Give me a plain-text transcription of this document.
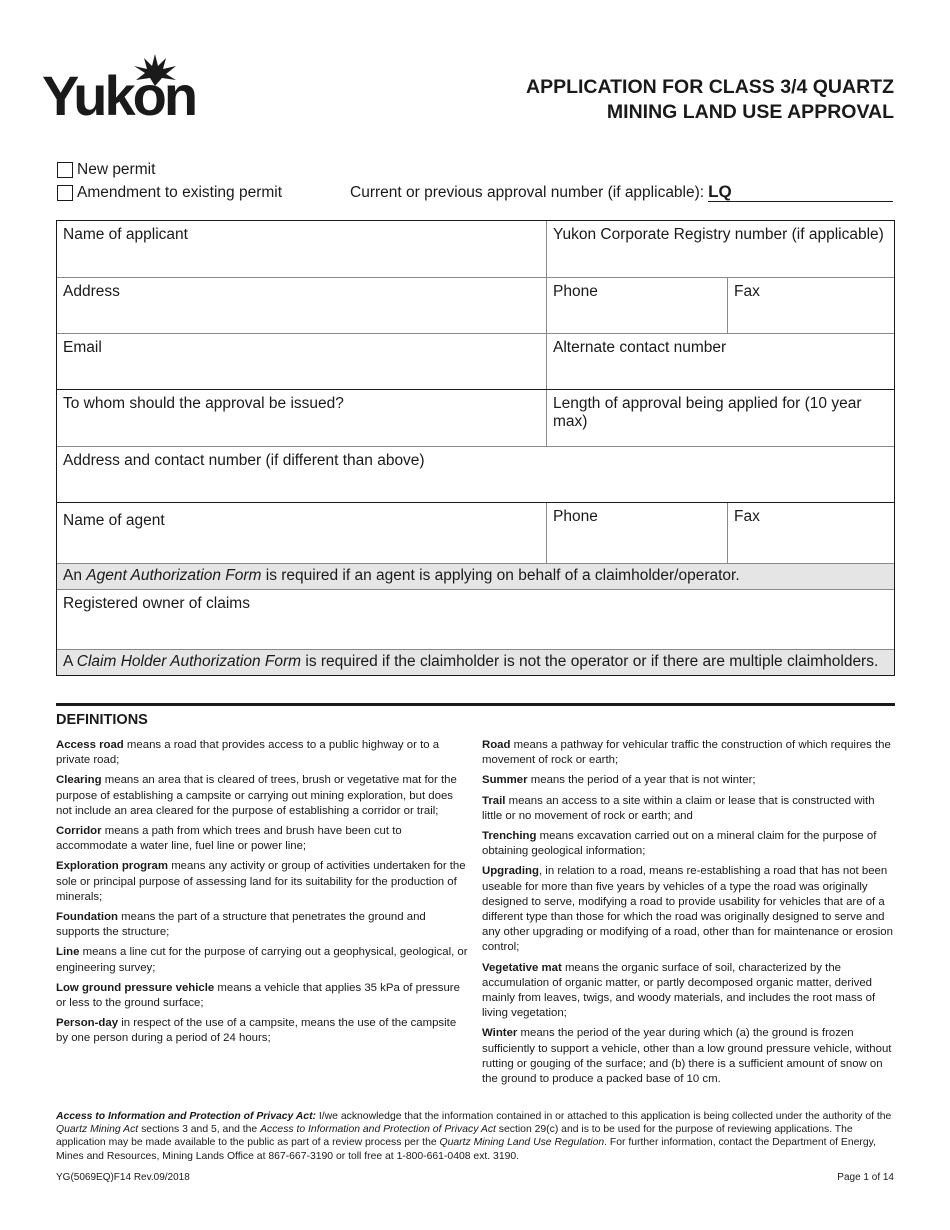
Yukon	APPLICATION FOR CLASS 3/4 QUARTZ
MINING LAND USE APPROVAL
New permit
Amendment to existing permit	Current or previous approval number (if applicable): LQ
Name of applicant	Yukon Corporate Registry number (if applicable)
Address	Phone	Fax
Email	Alternate contact number
To whom should the approval be issued?	Length of approval being applied for (10 year max)
Address and contact number (if different than above)
Name of agent	Phone	Fax
An Agent Authorization Form is required if an agent is applying on behalf of a claimholder/operator.
Registered owner of claims
A Claim Holder Authorization Form is required if the claimholder is not the operator or if there are multiple claimholders.
DEFINITIONS

Access road means a road that provides access to a public highway or to a private road;

Clearing means an area that is cleared of trees, brush or vegetative mat for the purpose of establishing a campsite or carrying out mining exploration, but does not include an area cleared for the purpose of establishing a corridor or trail;

Corridor means a path from which trees and brush have been cut to accommodate a water line, fuel line or power line;

Exploration program means any activity or group of activities undertaken for the sole or principal purpose of assessing land for its suitability for the production of minerals;

Foundation means the part of a structure that penetrates the ground and supports the structure;

Line means a line cut for the purpose of carrying out a geophysical, geological, or engineering survey;

Low ground pressure vehicle means a vehicle that applies 35 kPa of pressure or less to the ground surface;

Person-day in respect of the use of a campsite, means the use of the campsite by one person during a period of 24 hours;

Road means a pathway for vehicular traffic the construction of which requires the movement of rock or earth;

Summer means the period of a year that is not winter;

Trail means an access to a site within a claim or lease that is constructed with little or no movement of rock or earth; and

Trenching means excavation carried out on a mineral claim for the purpose of obtaining geological information;

Upgrading, in relation to a road, means re-establishing a road that has not been useable for more than five years by vehicles of a type the road was originally designed to serve, modifying a road to provide usability for vehicles that are of a different type than those for which the road was originally designed to serve and any other upgrading or modifying of a road, other than for maintenance or erosion control;

Vegetative mat means the organic surface of soil, characterized by the accumulation of organic matter, or partly decomposed organic matter, derived mainly from leaves, twigs, and woody materials, and includes the root mass of living vegetation;

Winter means the period of the year during which (a) the ground is frozen sufficiently to support a vehicle, other than a low ground pressure vehicle, without rutting or gouging of the surface; and (b) there is a sufficient amount of snow on the ground to produce a packed base of 10 cm.

Access to Information and Protection of Privacy Act: I/we acknowledge that the information contained in or attached to this application is being collected under the authority of the Quartz Mining Act sections 3 and 5, and the Access to Information and Protection of Privacy Act section 29(c) and is to be used for the purpose of reviewing applications. The application may be made available to the public as part of a review process per the Quartz Mining Land Use Regulation. For further information, contact the Department of Energy, Mines and Resources, Mining Lands Office at 867-667-3190 or toll free at 1-800-661-0408 ext. 3190.
YG(5069EQ)F14 Rev.09/2018	Page 1 of 14
